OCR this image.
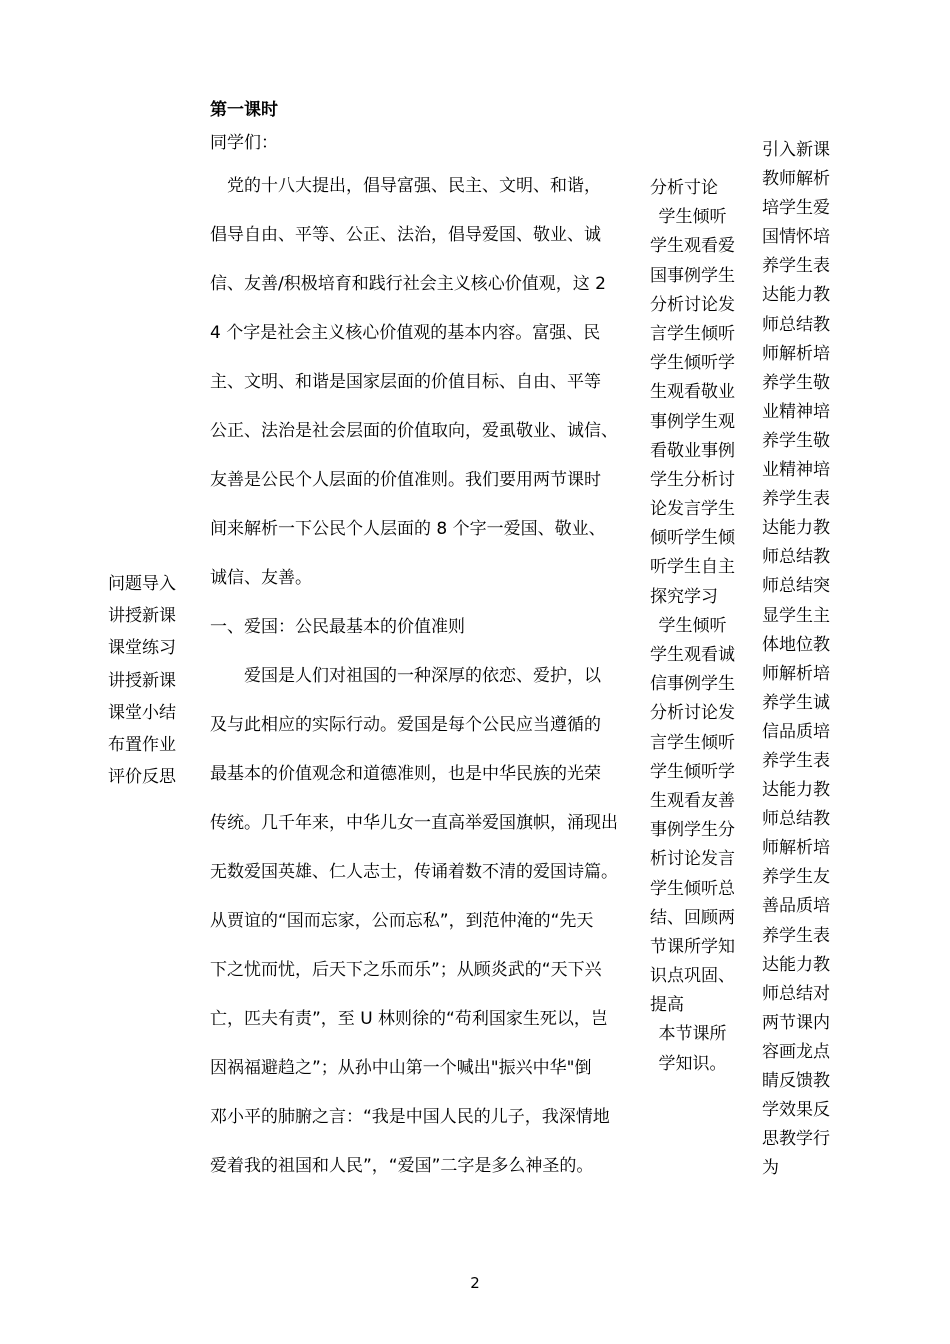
问题导入
讲授新课
课堂练习
讲授新课
课堂小结
布置作业
评价反思
第一课时
同学们：
　党的十八大提出，倡导富强、民主、文明、和谐，
倡导自由、平等、公正、法治，倡导爱国、敬业、诚
信、友善/积极培育和践行社会主义核心价值观，这 2
4 个字是社会主义核心价值观的基本内容。富强、民
主、文明、和谐是国家层面的价值目标、自由、平等
公正、法治是社会层面的价值取向，爱虱敬业、诚信、
友善是公民个人层面的价值准则。我们要用两节课时
间来解析一下公民个人层面的 8 个字一爱国、敬业、
诚信、友善。
一、爱国：公民最基本的价值准则
　　爱国是人们对祖国的一种深厚的依恋、爱护，以
及与此相应的实际行动。爱国是每个公民应当遵循的
最基本的价值观念和道德准则，也是中华民族的光荣
传统。几千年来，中华儿女一直高举爱国旗帜，涌现出
无数爱国英雄、仁人志士，传诵着数不清的爱国诗篇。
从贾谊的“国而忘家，公而忘私”，到范仲淹的“先天
下之忧而忧，后天下之乐而乐”；从顾炎武的“天下兴
亡，匹夫有责”，至 U 林则徐的“苟利国家生死以，岂
因祸福避趋之”；从孙中山第一个喊出"振兴中华"倒
邓小平的肺腑之言：“我是中国人民的儿子，我深情地
爱着我的祖国和人民”，“爱国”二字是多么神圣的。
分析寸论
 学生倾听
学生观看爱
国事例学生
分析讨论发
言学生倾听
学生倾听学
生观看敬业
事例学生观
看敬业事例
学生分析讨
论发言学生
倾听学生倾
听学生自主
探究学习
 学生倾听
学生观看诚
信事例学生
分析讨论发
言学生倾听
学生倾听学
生观看友善
事例学生分
析讨论发言
学生倾听总
结、回顾两
节课所学知
识点巩固、
提高
 本节课所
 学知识。
引入新课
教师解析
培学生爱
国情怀培
养学生表
达能力教
师总结教
师解析培
养学生敬
业精神培
养学生敬
业精神培
养学生表
达能力教
师总结教
师总结突
显学生主
体地位教
师解析培
养学生诚
信品质培
养学生表
达能力教
师总结教
师解析培
养学生友
善品质培
养学生表
达能力教
师总结对
两节课内
容画龙点
睛反馈教
学效果反
思教学行
为
2
